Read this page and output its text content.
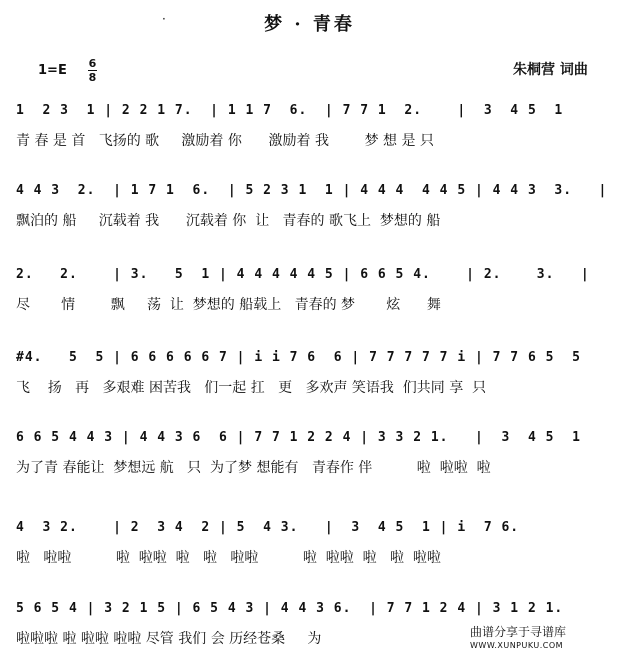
梦 · 青春
·
1=E 6
8	朱桐营 词曲
1  2 3  1 | 2 2 1 7.  | 1 1 7  6.  | 7 7 1  2.    |  3  4 5  1
青 春 是 首   飞扬的 歌     激励着 你      激励着 我        梦 想 是 只
4 4 3  2.  | 1 7 1  6.  | 5 2 3 1  1 | 4 4 4  4 4 5 | 4 4 3  3.   |
飘泊的 船     沉载着 我      沉载着 你  让   青春的 歌飞上  梦想的 船
2.   2.    | 3.   5  1 | 4 4 4 4 4 5 | 6 6 5 4.    | 2.    3.   |
尽       情        飘     荡  让  梦想的 船载上   青春的 梦       炫      舞
#4.   5  5 | 6 6 6 6 6 7 | i i 7 6  6 | 7 7 7 7 7 i | 7 7 6 5  5
飞    扬   再   多艰难 困苦我   们一起 扛   更   多欢声 笑语我  们共同 享  只
6 6 5 4 4 3 | 4 4 3 6  6 | 7 7 1 2 2 4 | 3 3 2 1.   |  3  4 5  1
为了青 春能让  梦想远 航   只  为了梦 想能有   青春作 伴          啦  啦啦  啦
4  3 2.    | 2  3 4  2 | 5  4 3.   |  3  4 5  1 | i  7 6.
啦   啦啦          啦  啦啦  啦   啦   啦啦          啦  啦啦  啦   啦  啦啦
5 6 5 4 | 3 2 1 5 | 6 5 4 3 | 4 4 3 6.  | 7 7 1 2 4 | 3 1 2 1.
啦啦啦 啦 啦啦 啦啦 尽管 我们 会 历经苍桑     为	曲谱分享于寻谱库
WWW.XUNPUKU.COM
